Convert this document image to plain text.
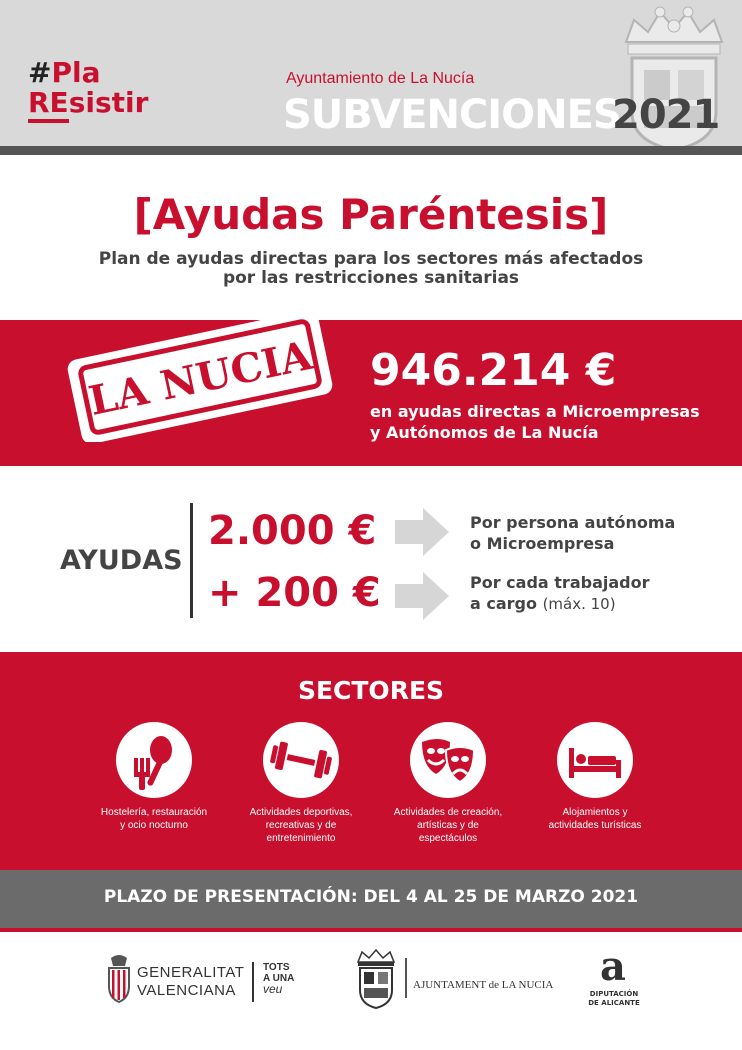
#Pla
REsistir
Ayuntamiento de La Nucía
SUBVENCIONES
2021
[Ayudas Paréntesis]
Plan de ayudas directas para los sectores más afectados
por las restricciones sanitarias
LA NUCIA 946.214 €
en ayudas directas a Microempresas
y Autónomos de La Nucía
AYUDAS
2.000 €
+ 200 €
Por persona autónoma
o Microempresa
Por cada trabajador
a cargo (máx. 10)
SECTORES
Hostelería, restauración
y ocio nocturno
Actividades deportivas,
recreativas y de
entretenimiento
Actividades de creación,
artísticas y de
espectáculos
Alojamientos y
actividades turísticas
PLAZO DE PRESENTACIÓN: DEL 4 AL 25 DE MARZO 2021
GENERALITAT
VALENCIANA
TOTS
A UNA
veu	AJUNTAMENT de LA NUCIA a
DIPUTACIÓN
DE ALICANTE
